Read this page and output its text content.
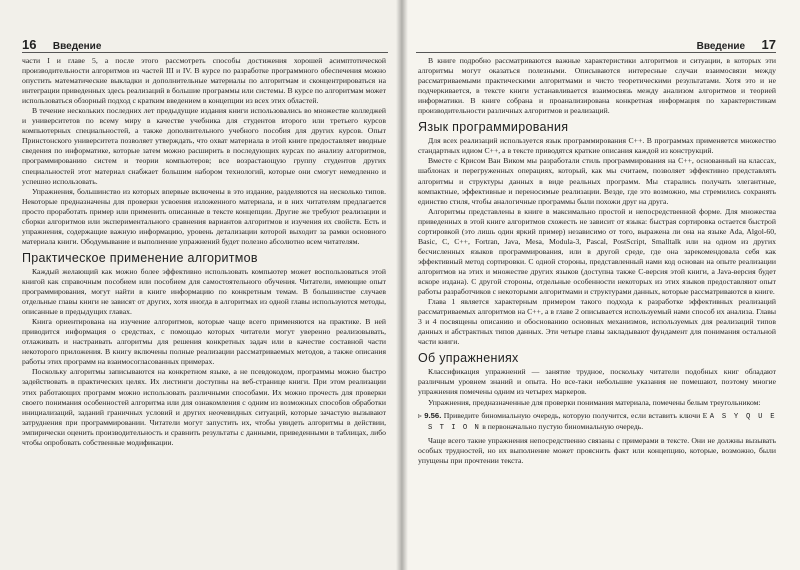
16 Введение

части I и главе 5, а после этого рассмотреть способы достижения хорошей асимптотической производительности алгоритмов из частей III и IV. В курсе по разработке программного обеспечения можно опустить математические выкладки и дополнительные материалы по алгоритмам и сконцентрироваться на интеграции приведенных здесь реализаций в большие программы или системы. В курсе по алгоритмам может использоваться обзорный подход с кратким введением в концепции из всех этих областей.

В течение нескольких последних лет предыдущие издания книги использовались во множестве колледжей и университетов по всему миру в качестве учебника для студентов второго или третьего курсов компьютерных специальностей, а также дополнительного учебного пособия для других курсов. Опыт Принстонского университета позволяет утверждать, что охват материала в этой книге предоставляет вводные сведения по информатике, которые затем можно расширить в последующих курсах по анализу алгоритмов, программированию систем и теории компьютеров; все возрастающую группу студентов других специальностей этот материал снабжает большим набором технологий, которые они смогут немедленно и успешно использовать.

Упражнения, большинство из которых впервые включены в это издание, разделяются на несколько типов. Некоторые предназначены для проверки усвоения изложенного материала, и в них читателям предлагается просто проработать пример или применить описанные в тексте концепции. Другие же требуют реализации и сборки алгоритмов или экспериментального сравнения вариантов алгоритмов и изучения их свойств. Есть и упражнения, содержащие важную информацию, уровень детализации которой выходит за рамки основного материала книги. Ободумывание и выполнение упражнений будет полезно абсолютно всем читателям.

Практическое применение алгоритмов

Каждый желающий как можно более эффективно использовать компьютер может воспользоваться этой книгой как справочным пособием или пособием для самостоятельного обучения. Читатели, имеющие опыт программирования, могут найти в книге информацию по конкретным темам. В большинстве случаев отдельные главы книги не зависят от других, хотя иногда в алгоритмах из одной главы используются методы, описанные в предыдущих главах.

Книга ориентирована на изучение алгоритмов, которые чаще всего применяются на практике. В ней приводится информация о средствах, с помощью которых читатели могут уверенно реализовывать, отлаживать и настраивать алгоритмы для решения конкретных задач или в качестве составной части некоторого приложения. В книгу включены полные реализации рассматриваемых методов, а также описания работы этих программ на взаимосогласованных примерах.

Поскольку алгоритмы записываются на конкретном языке, а не псевдокодом, программы можно быстро задействовать в практических целях. Их листинги доступны на веб-странице книги. При этом реализации этих работающих программ можно использовать различными способами. Их можно прочесть для проверки своего понимания особенностей алгоритма или для ознакомления с одним из возможных способов обработки инициализаций, заданий граничных условий и других неочевидных ситуаций, которые зачастую вызывают затруднения при программировании. Читатели могут запустить их, чтобы увидеть алгоритмы в действии, эмпирически оценить производительность и сравнить результаты с данными, приведенными в таблицах, либо чтобы опробовать собственные модификации.

Введение 17

В книге подробно рассматриваются важные характеристики алгоритмов и ситуации, в которых эти алгоритмы могут оказаться полезными. Описываются интересные случаи взаимосвязи между рассматриваемыми практическими алгоритмами и чисто теоретическими результатами. Хотя это и не подчеркивается, в тексте книги устанавливается взаимосвязь между анализом алгоритмов и теорией информатики. В книге собрана и проанализирована конкретная информация по характеристикам производительности различных алгоритмов и реализаций.

Язык программирования

Для всех реализаций используется язык программирования C++. В программах применяется множество стандартных идиом C++, а в тексте приводятся краткие описания каждой из конструкций.

Вместе с Крисом Ван Виком мы разработали стиль программирования на C++, основанный на классах, шаблонах и перегруженных операциях, который, как мы считаем, позволяет эффективно представлять алгоритмы и структуры данных в виде реальных программ. Мы старались получать элегантные, компактные, эффективные и переносимые реализации. Везде, где это возможно, мы стремились сохранять единство стиля, чтобы аналогичные программы были похожи друг на друга.

Алгоритмы представлены в книге в максимально простой и непосредственной форме. Для множества приведенных в этой книге алгоритмов схожесть не зависит от языка: быстрая сортировка остается быстрой сортировкой (это лишь один яркий пример) независимо от того, выражена ли она на языке Ada, Algol-60, Basic, C, C++, Fortran, Java, Mesa, Modula-3, Pascal, PostScript, Smalltalk или на одном из других бесчисленных языков программирования, или в другой среде, где она зарекомендовала себя как эффективный метод сортировки. С одной стороны, представленный нами код основан на опыте реализации алгоритмов на этих и множестве других языков (доступна также C-версия этой книги, а Java-версия будет вскоре издана). С другой стороны, отдельные особенности некоторых из этих языков предоставляют опыт работы разработчиков с некоторыми алгоритмами и структурами данных, которые рассматриваются в книге.

Глава 1 является характерным примером такого подхода к разработке эффективных реализаций рассматриваемых алгоритмов на C++, а в главе 2 описывается используемый нами способ их анализа. Главы 3 и 4 посвящены описанию и обоснованию основных механизмов, используемых для реализаций типов данных и абстрактных типов данных. Эти четыре главы закладывают фундамент для понимания остальной части книги.

Об упражнениях

Классификация упражнений — занятие трудное, поскольку читатели подобных книг обладают различным уровнем знаний и опыта. Но все-таки небольшие указания не помешают, поэтому многие упражнения помечены одним из четырех маркеров.

Упражнения, предназначенные для проверки понимания материала, помечены белым треугольником:

▹ 9.56. Приведите биномиальную очередь, которую получится, если вставить ключи E A S Y Q U E S T I O N в первоначально пустую биномиальную очередь.

Чаще всего такие упражнения непосредственно связаны с примерами в тексте. Они не должны вызывать особых трудностей, но их выполнение может прояснить факт или концепцию, которые, возможно, были упущены при прочтении текста.
